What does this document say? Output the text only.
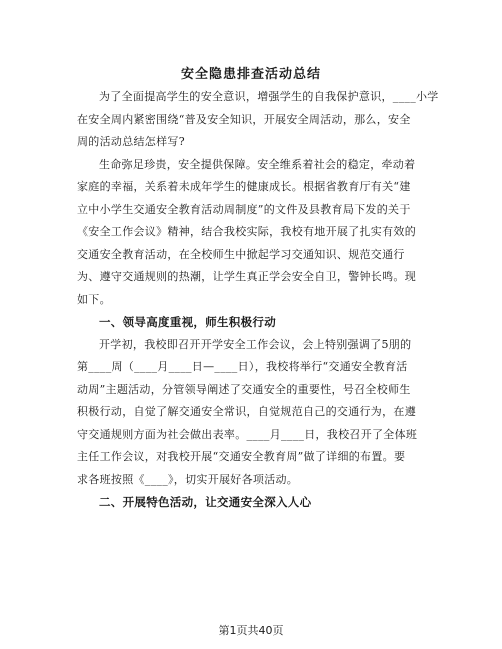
安全隐患排查活动总结
为了全面提高学生的安全意识，增强学生的自我保护意识，____小学
在安全周内紧密围绕“普及安全知识，开展安全周活动，那么，安全
周的活动总结怎样写?
生命弥足珍贵，安全提供保障。安全维系着社会的稳定，牵动着
家庭的幸福，关系着未成年学生的健康成长。根据省教育厅有关“建
立中小学生交通安全教育活动周制度”的文件及县教育局下发的关于
《安全工作会议》精神，结合我校实际，我校有地开展了扎实有效的
交通安全教育活动，在全校师生中掀起学习交通知识、规范交通行
为、遵守交通规则的热潮，让学生真正学会安全自卫，警钟长鸣。现
如下。
一、领导高度重视，师生积极行动
开学初，我校即召开开学安全工作会议，会上特别强调了5朋的
第____周（____月____日—____日），我校将举行“交通安全教育活
动周”主题活动，分管领导阐述了交通安全的重要性，号召全校师生
积极行动，自觉了解交通安全常识，自觉规范自己的交通行为，在遵
守交通规则方面为社会做出表率。____月____日，我校召开了全体班
主任工作会议，对我校开展“交通安全教育周”做了详细的布置。要
求各班按照《____》，切实开展好各项活动。
二、开展特色活动，让交通安全深入人心
第1页共40页
